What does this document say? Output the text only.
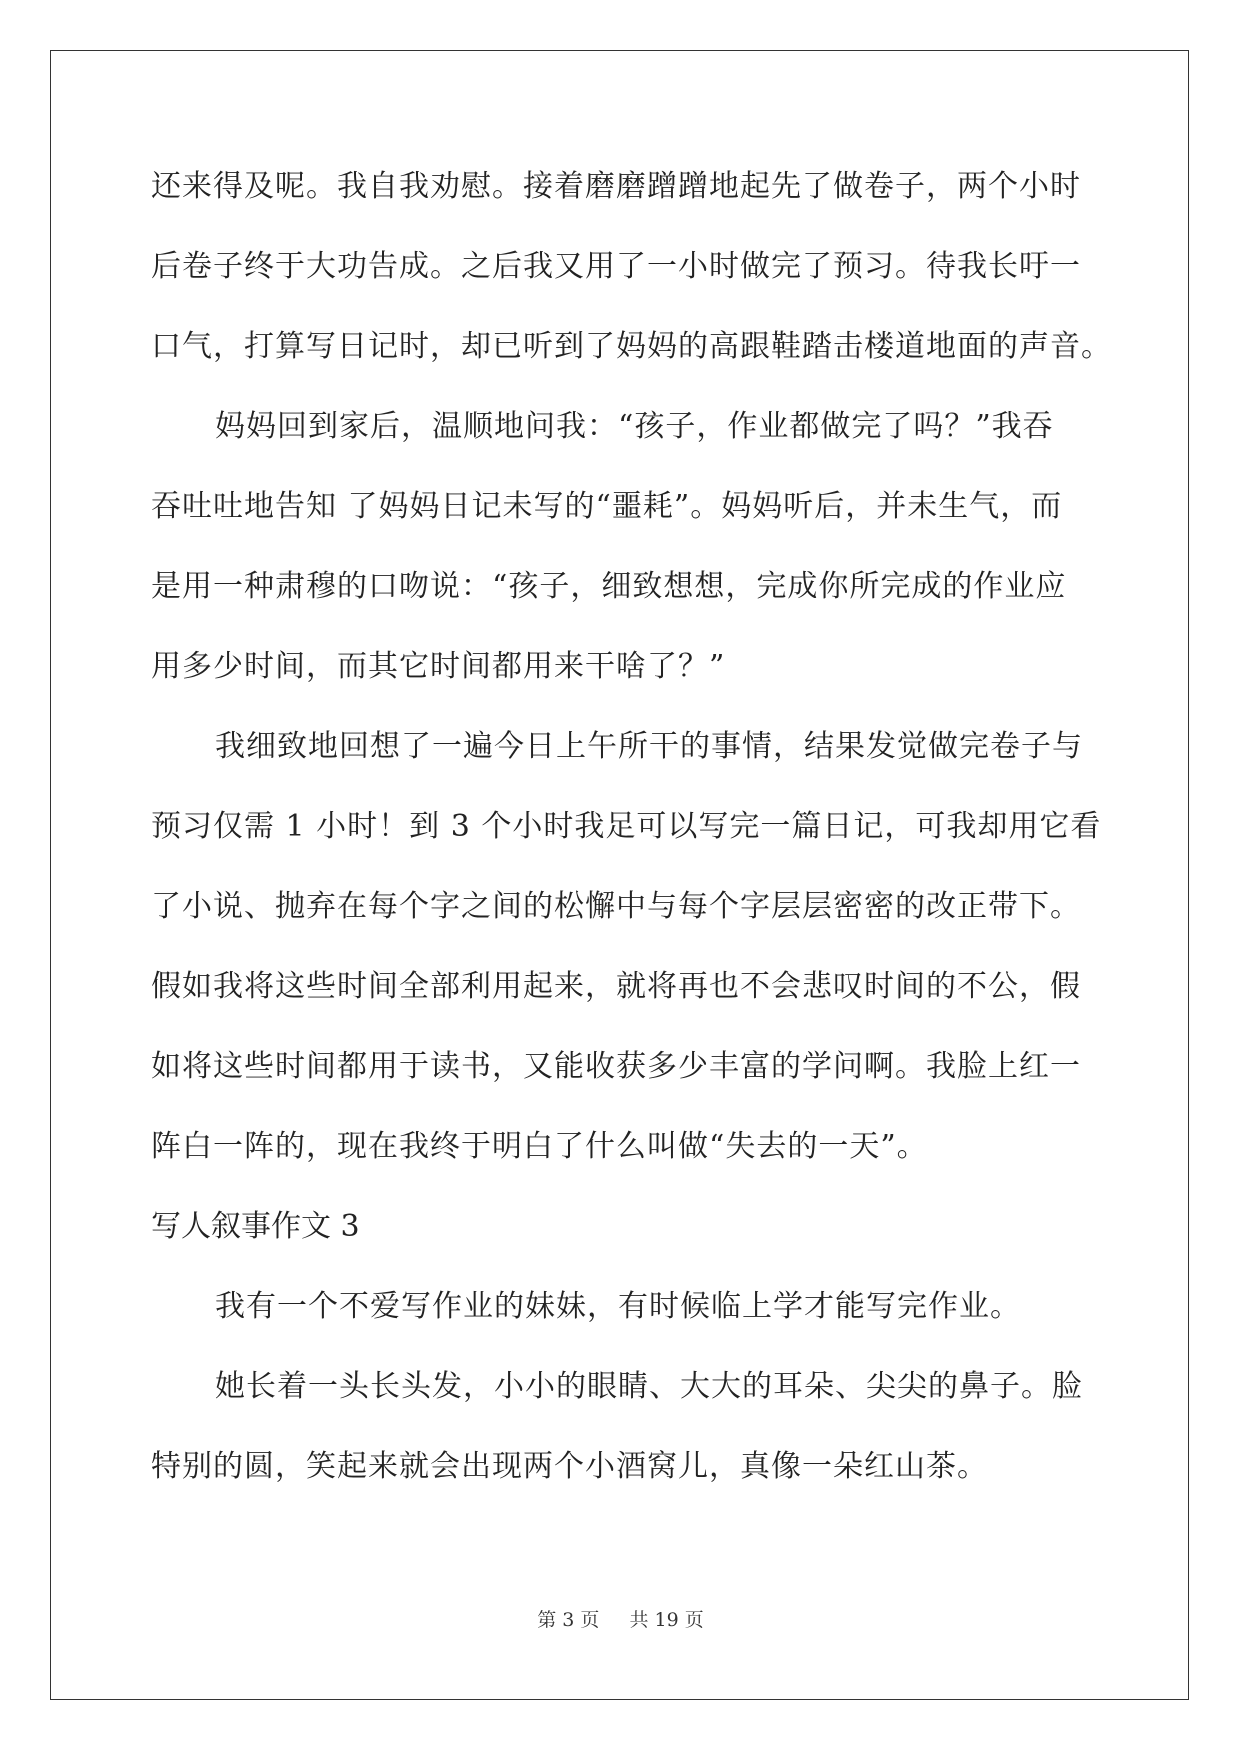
还来得及呢。我自我劝慰。接着磨磨蹭蹭地起先了做卷子，两个小时
后卷子终于大功告成。之后我又用了一小时做完了预习。待我长吁一
口气，打算写日记时，却已听到了妈妈的高跟鞋踏击楼道地面的声音。
妈妈回到家后，温顺地问我：“孩子，作业都做完了吗？”我吞
吞吐吐地告知 了妈妈日记未写的“噩耗”。妈妈听后，并未生气，而
是用一种肃穆的口吻说：“孩子，细致想想，完成你所完成的作业应
用多少时间，而其它时间都用来干啥了？”
我细致地回想了一遍今日上午所干的事情，结果发觉做完卷子与
预习仅需 1 小时！到 3 个小时我足可以写完一篇日记，可我却用它看
了小说、抛弃在每个字之间的松懈中与每个字层层密密的改正带下。
假如我将这些时间全部利用起来，就将再也不会悲叹时间的不公，假
如将这些时间都用于读书，又能收获多少丰富的学问啊。我脸上红一
阵白一阵的，现在我终于明白了什么叫做“失去的一天”。
写人叙事作文 3
我有一个不爱写作业的妹妹，有时候临上学才能写完作业。
她长着一头长头发，小小的眼睛、大大的耳朵、尖尖的鼻子。脸
特别的圆，笑起来就会出现两个小酒窝儿，真像一朵红山茶。
第 3 页 共 19 页
